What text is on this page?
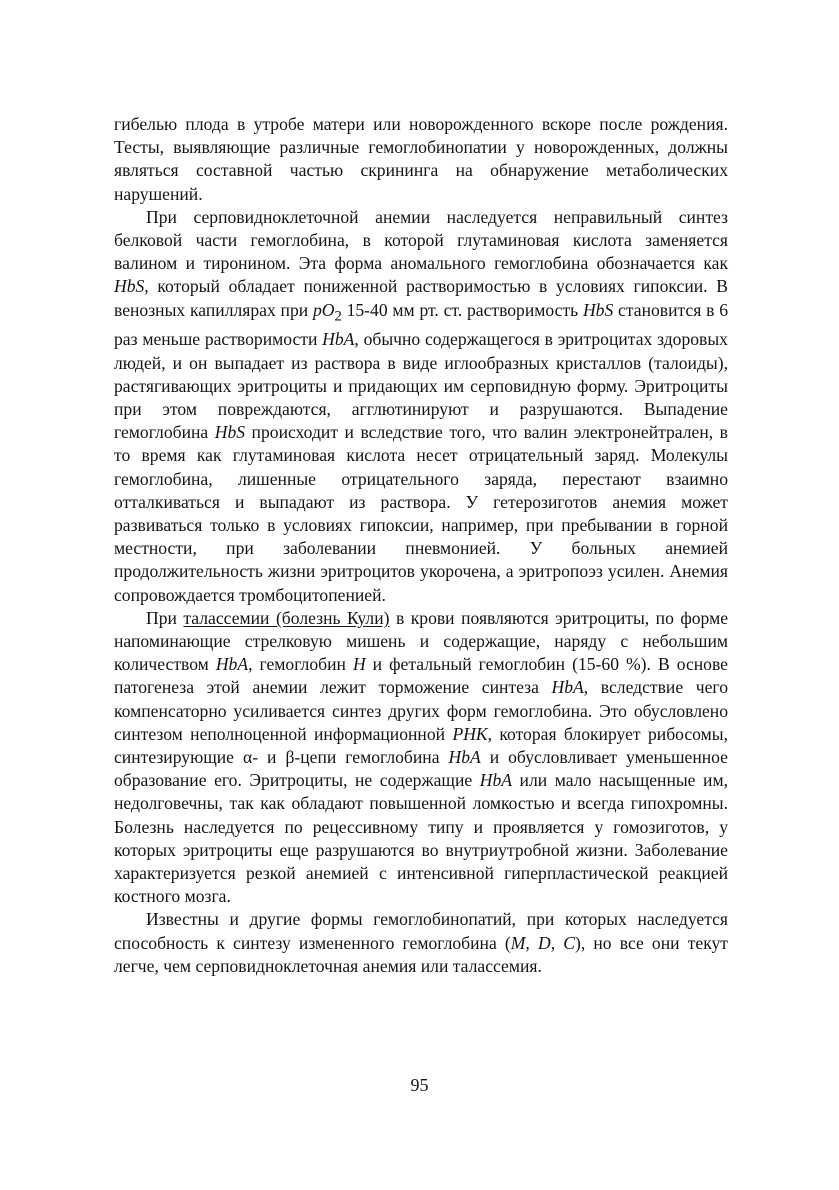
гибелью плода в утробе матери или новорожденного вскоре после рождения. Тесты, выявляющие различные гемоглобинопатии у новорожденных, должны являться составной частью скрининга на обнаружение метаболических нарушений.

При серповидноклеточной анемии наследуется неправильный синтез белковой части гемоглобина, в которой глутаминовая кислота заменяется валином и тиронином. Эта форма аномального гемоглобина обозначается как HbS, который обладает пониженной растворимостью в условиях гипоксии. В венозных капиллярах при $pO_2$ 15-40 мм рт. ст. растворимость HbS становится в 6 раз меньше растворимости HbA, обычно содержащегося в эритроцитах здоровых людей, и он выпадает из раствора в виде иглообразных кристаллов (талоиды), растягивающих эритроциты и придающих им серповидную форму. Эритроциты при этом повреждаются, агглютинируют и разрушаются. Выпадение гемоглобина HbS происходит и вследствие того, что валин электронейтрален, в то время как глутаминовая кислота несет отрицательный заряд. Молекулы гемоглобина, лишенные отрицательного заряда, перестают взаимно отталкиваться и выпадают из раствора. У гетерозиготов анемия может развиваться только в условиях гипоксии, например, при пребывании в горной местности, при заболевании пневмонией. У больных анемией продолжительность жизни эритроцитов укорочена, а эритропоэз усилен. Анемия сопровождается тромбоцитопенией.

При талассемии (болезнь Кули) в крови появляются эритроциты, по форме напоминающие стрелковую мишень и содержащие, наряду с небольшим количеством HbA, гемоглобин H и фетальный гемоглобин (15-60 %). В основе патогенеза этой анемии лежит торможение синтеза HbA, вследствие чего компенсаторно усиливается синтез других форм гемоглобина. Это обусловлено синтезом неполноценной информационной РНК, которая блокирует рибосомы, синтезирующие α- и β-цепи гемоглобина HbA и обусловливает уменьшенное образование его. Эритроциты, не содержащие HbA или мало насыщенные им, недолговечны, так как обладают повышенной ломкостью и всегда гипохромны. Болезнь наследуется по рецессивному типу и проявляется у гомозиготов, у которых эритроциты еще разрушаются во внутриутробной жизни. Заболевание характеризуется резкой анемией с интенсивной гиперпластической реакцией костного мозга.

Известны и другие формы гемоглобинопатий, при которых наследуется способность к синтезу измененного гемоглобина (M, D, C), но все они текут легче, чем серповидноклеточная анемия или талассемия.

95
